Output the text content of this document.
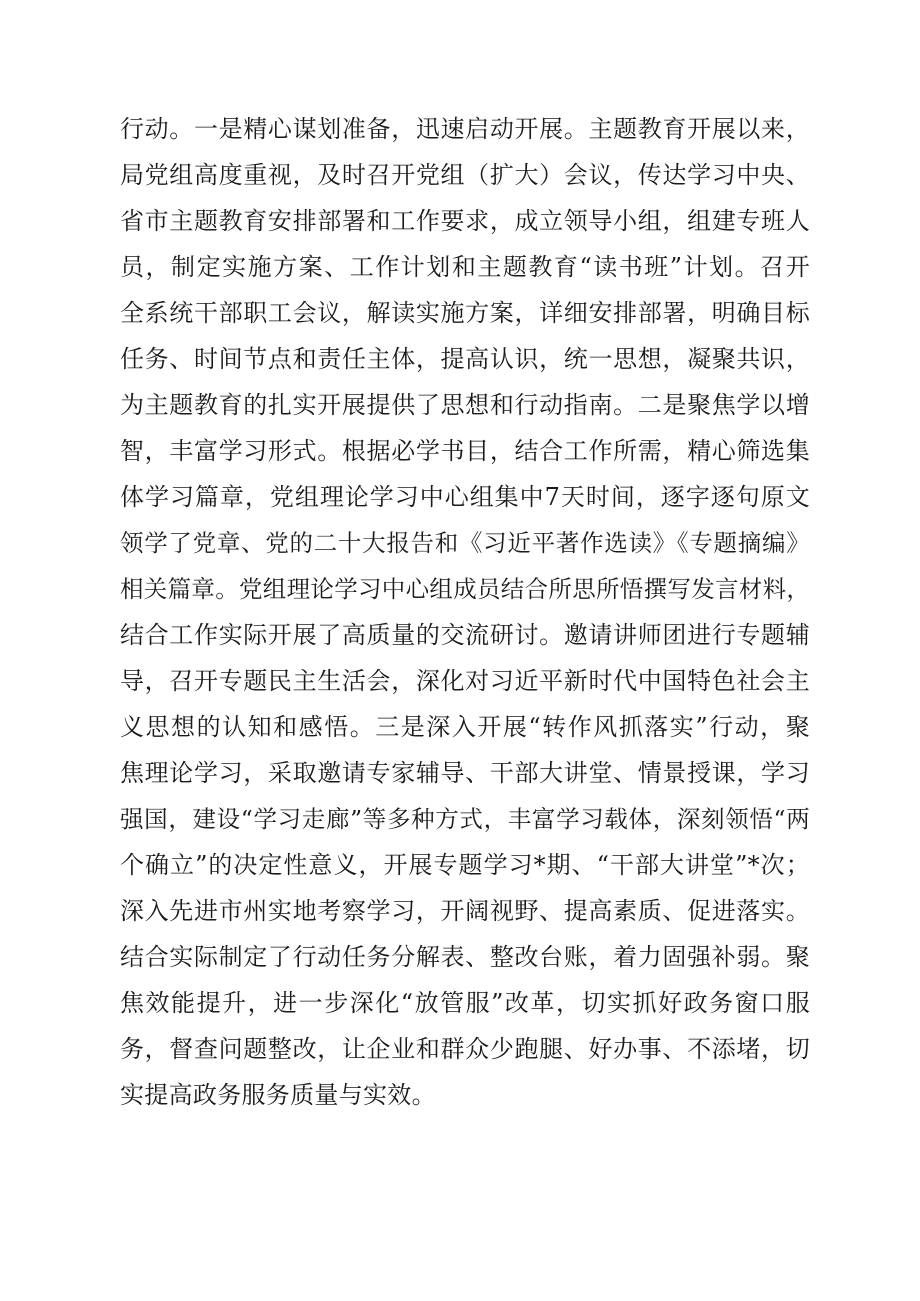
行动。一是精心谋划准备，迅速启动开展。主题教育开展以来，
局党组高度重视，及时召开党组（扩大）会议，传达学习中央、
省市主题教育安排部署和工作要求，成立领导小组，组建专班人
员，制定实施方案、工作计划和主题教育“读书班”计划。召开
全系统干部职工会议，解读实施方案，详细安排部署，明确目标
任务、时间节点和责任主体，提高认识，统一思想，凝聚共识，
为主题教育的扎实开展提供了思想和行动指南。二是聚焦学以增
智，丰富学习形式。根据必学书目，结合工作所需，精心筛选集
体学习篇章，党组理论学习中心组集中7天时间，逐字逐句原文
领学了党章、党的二十大报告和《习近平著作选读》《专题摘编》
相关篇章。党组理论学习中心组成员结合所思所悟撰写发言材料，
结合工作实际开展了高质量的交流研讨。邀请讲师团进行专题辅
导，召开专题民主生活会，深化对习近平新时代中国特色社会主
义思想的认知和感悟。三是深入开展“转作风抓落实”行动，聚
焦理论学习，采取邀请专家辅导、干部大讲堂、情景授课，学习
强国，建设“学习走廊”等多种方式，丰富学习载体，深刻领悟“两
个确立”的决定性意义，开展专题学习*期、“干部大讲堂”*次；
深入先进市州实地考察学习，开阔视野、提高素质、促进落实。
结合实际制定了行动任务分解表、整改台账，着力固强补弱。聚
焦效能提升，进一步深化“放管服”改革，切实抓好政务窗口服
务，督查问题整改，让企业和群众少跑腿、好办事、不添堵，切
实提高政务服务质量与实效。
